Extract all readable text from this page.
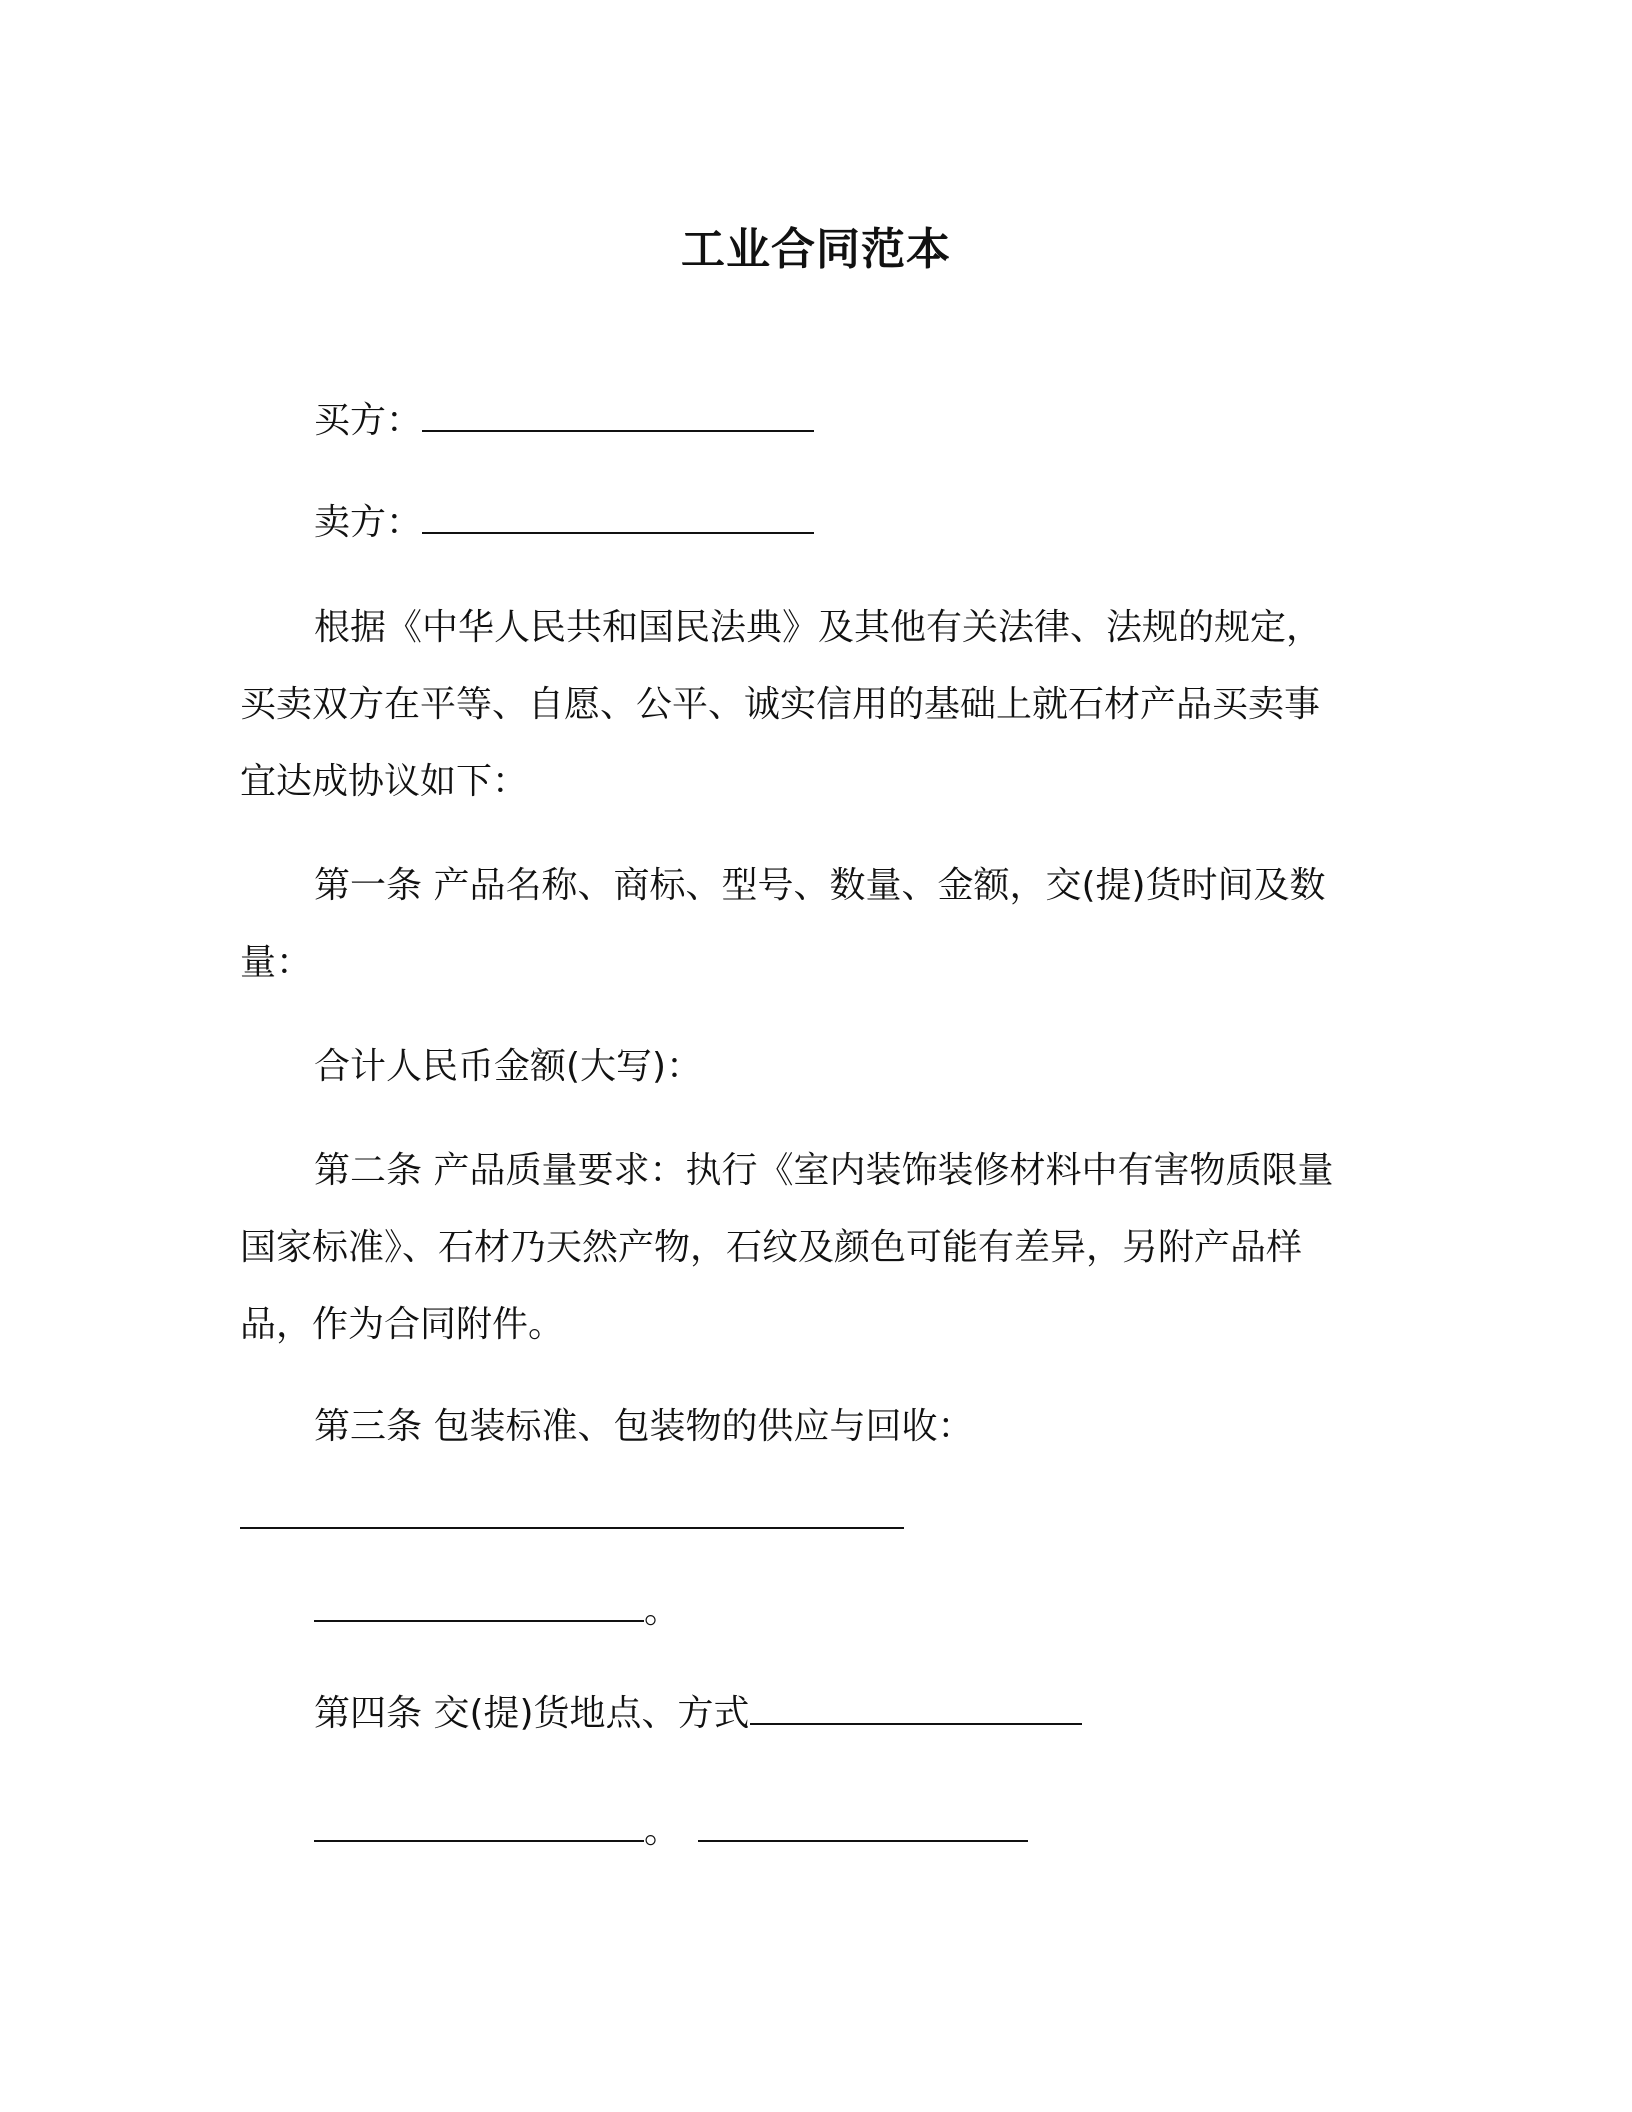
工业合同范本
买方：
卖方：
根据《中华人民共和国民法典》及其他有关法律、法规的规定，
买卖双方在平等、自愿、公平、诚实信用的基础上就石材产品买卖事
宜达成协议如下：
第一条 产品名称、商标、型号、数量、金额，交(提)货时间及数
量：
合计人民币金额(大写)：
第二条 产品质量要求：执行《室内装饰装修材料中有害物质限量
国家标准》、石材乃天然产物，石纹及颜色可能有差异，另附产品样
品，作为合同附件。
第三条 包装标准、包装物的供应与回收：
。
第四条 交(提)货地点、方式
。
